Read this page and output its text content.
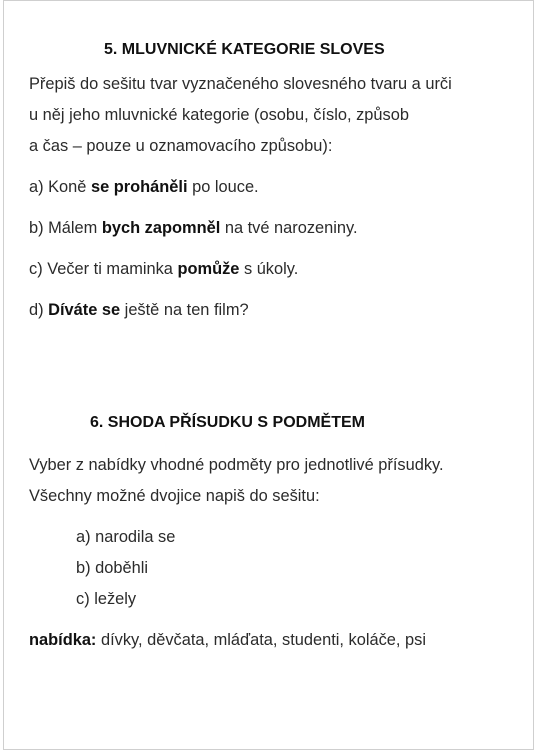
5. MLUVNICKÉ KATEGORIE SLOVES
Přepiš do sešitu tvar vyznačeného slovesného tvaru a urči
u něj jeho mluvnické kategorie (osobu, číslo, způsob
a čas – pouze u oznamovacího způsobu):
a) Koně se proháněli po louce.
b) Málem bych zapomněl na tvé narozeniny.
c) Večer ti maminka pomůže s úkoly.
d) Díváte se ještě na ten film?
6. SHODA PŘÍSUDKU S PODMĚTEM
Vyber z nabídky vhodné podměty pro jednotlivé přísudky.
Všechny možné dvojice napiš do sešitu:
a) narodila se
b) doběhli
c) ležely
nabídka: dívky, děvčata, mláďata, studenti, koláče, psi
